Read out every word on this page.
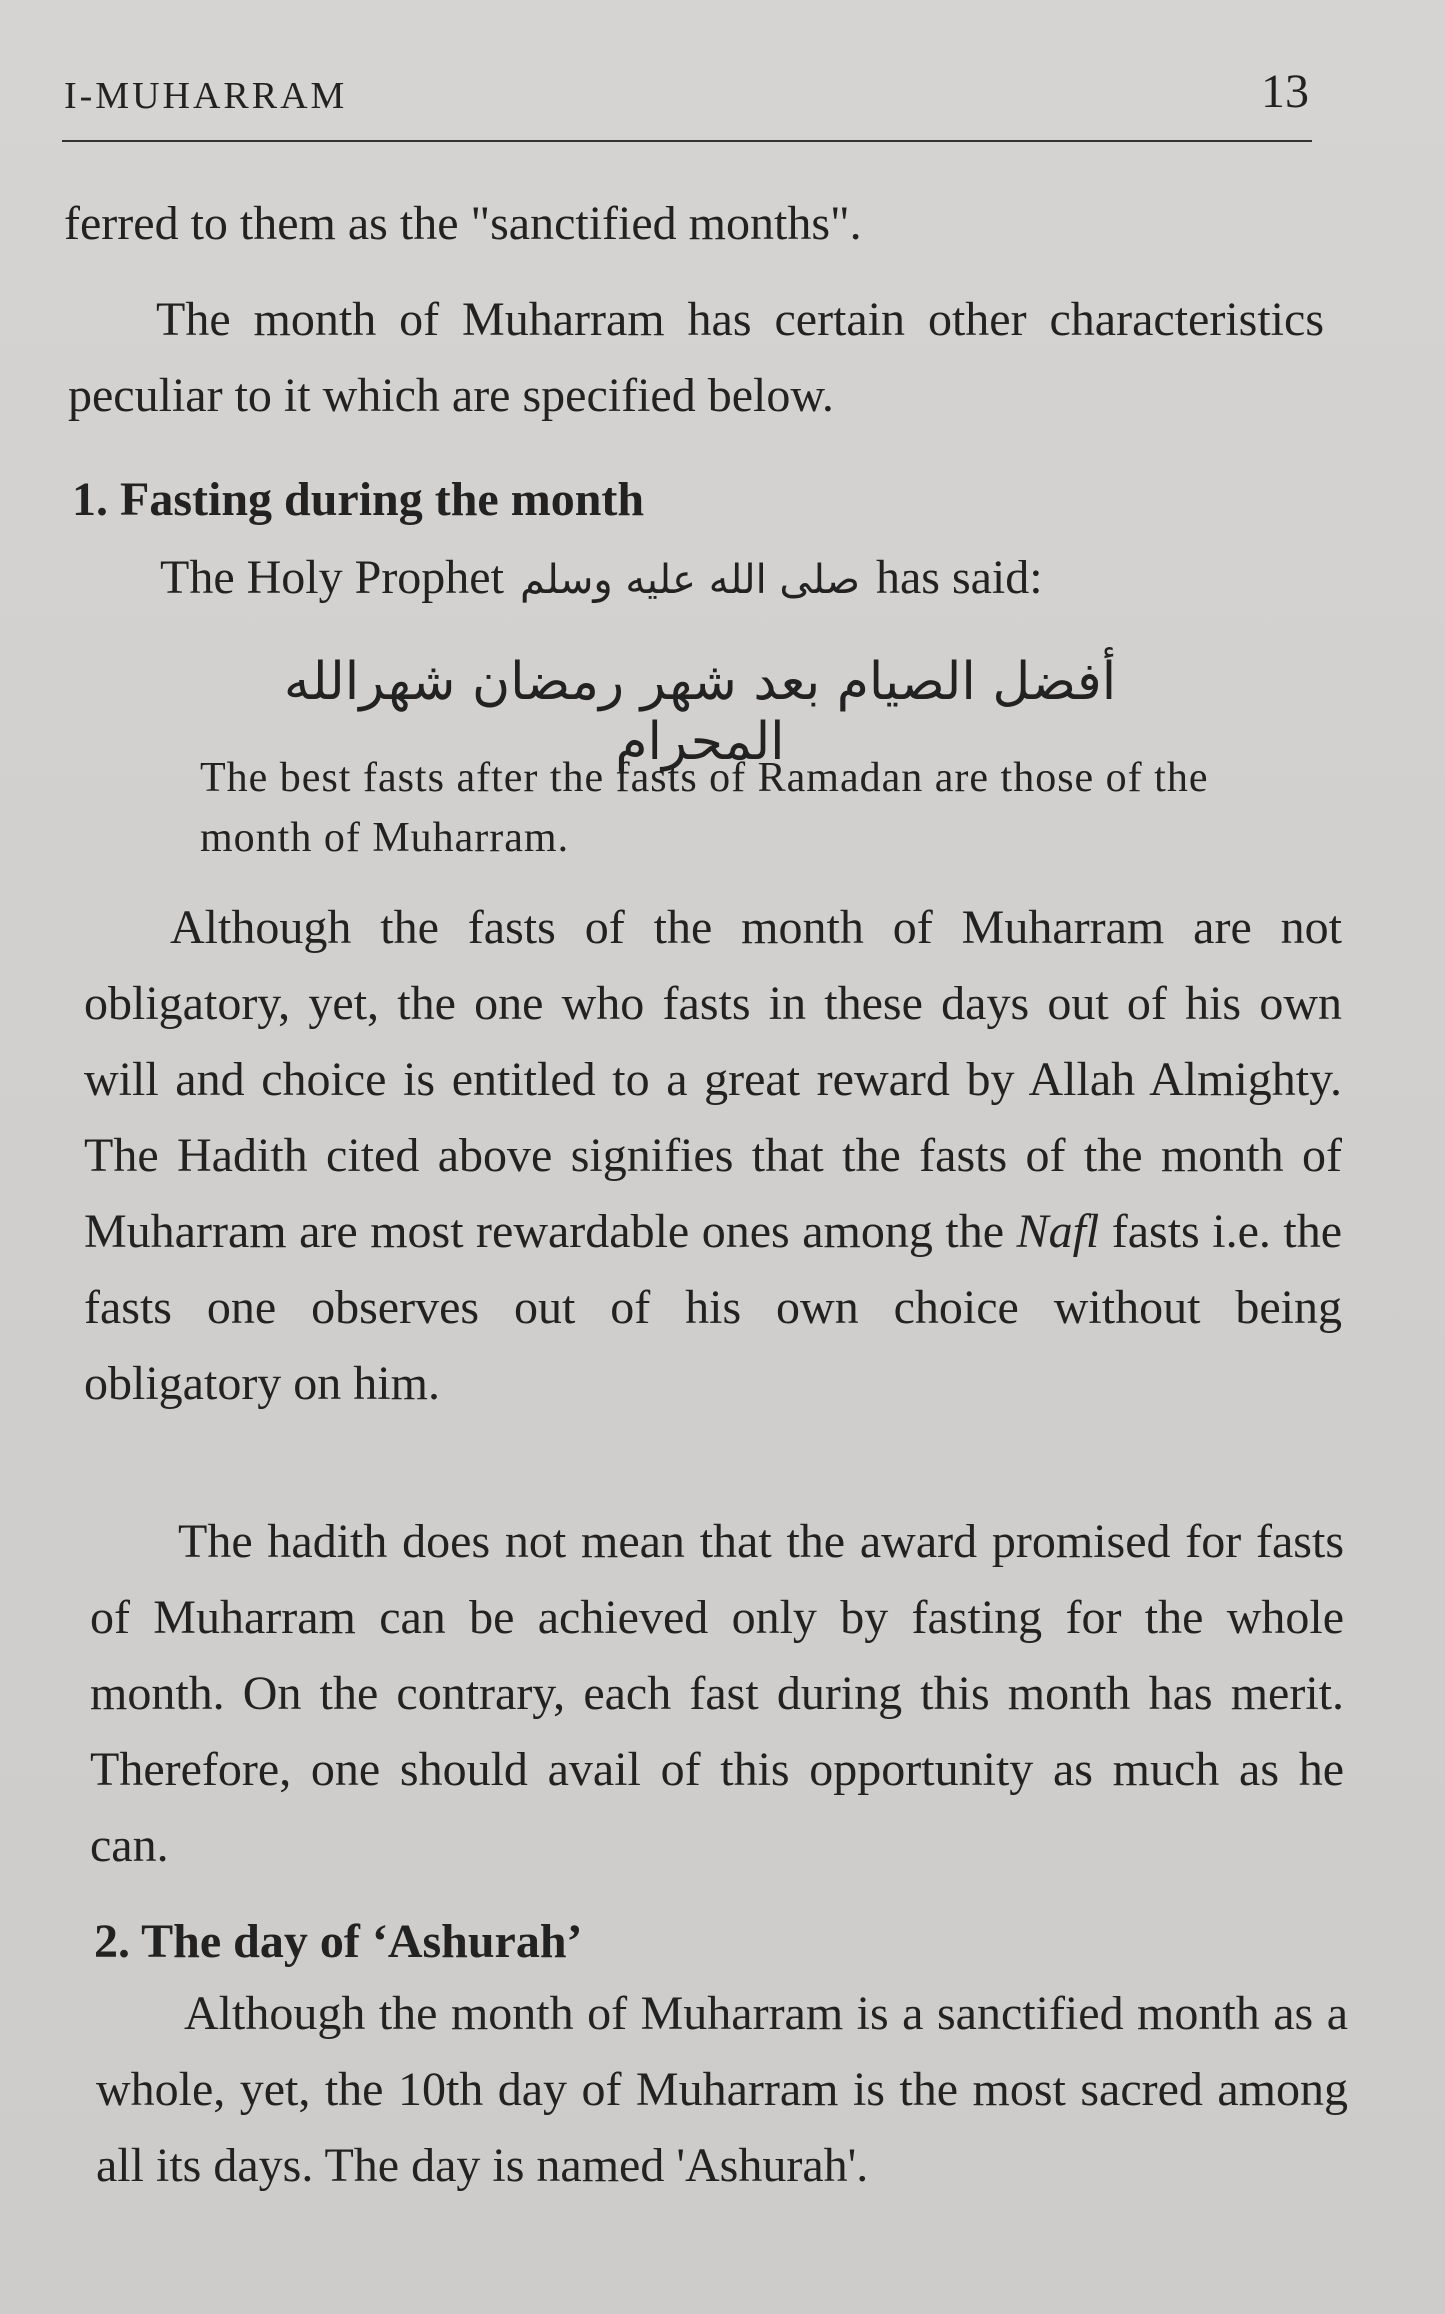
I-MUHARRAM	13

ferred to them as the "sanctified months".

The month of Muharram has certain other characteristics peculiar to it which are specified below.

1. Fasting during the month

The Holy Prophet صلى الله عليه وسلم has said:

أفضل الصيام بعد شهر رمضان شهرالله المحرام

The best fasts after the fasts of Ramadan are those of the month of Muharram.

Although the fasts of the month of Muharram are not obligatory, yet, the one who fasts in these days out of his own will and choice is entitled to a great reward by Allah Almighty. The Hadith cited above signifies that the fasts of the month of Muharram are most rewardable ones among the Nafl fasts i.e. the fasts one observes out of his own choice without being obligatory on him.

The hadith does not mean that the award promised for fasts of Muharram can be achieved only by fasting for the whole month. On the contrary, each fast during this month has merit. Therefore, one should avail of this opportunity as much as he can.

2. The day of ‘Ashurah’

Although the month of Muharram is a sanctified month as a whole, yet, the 10th day of Muharram is the most sacred among all its days. The day is named 'Ashurah'.
